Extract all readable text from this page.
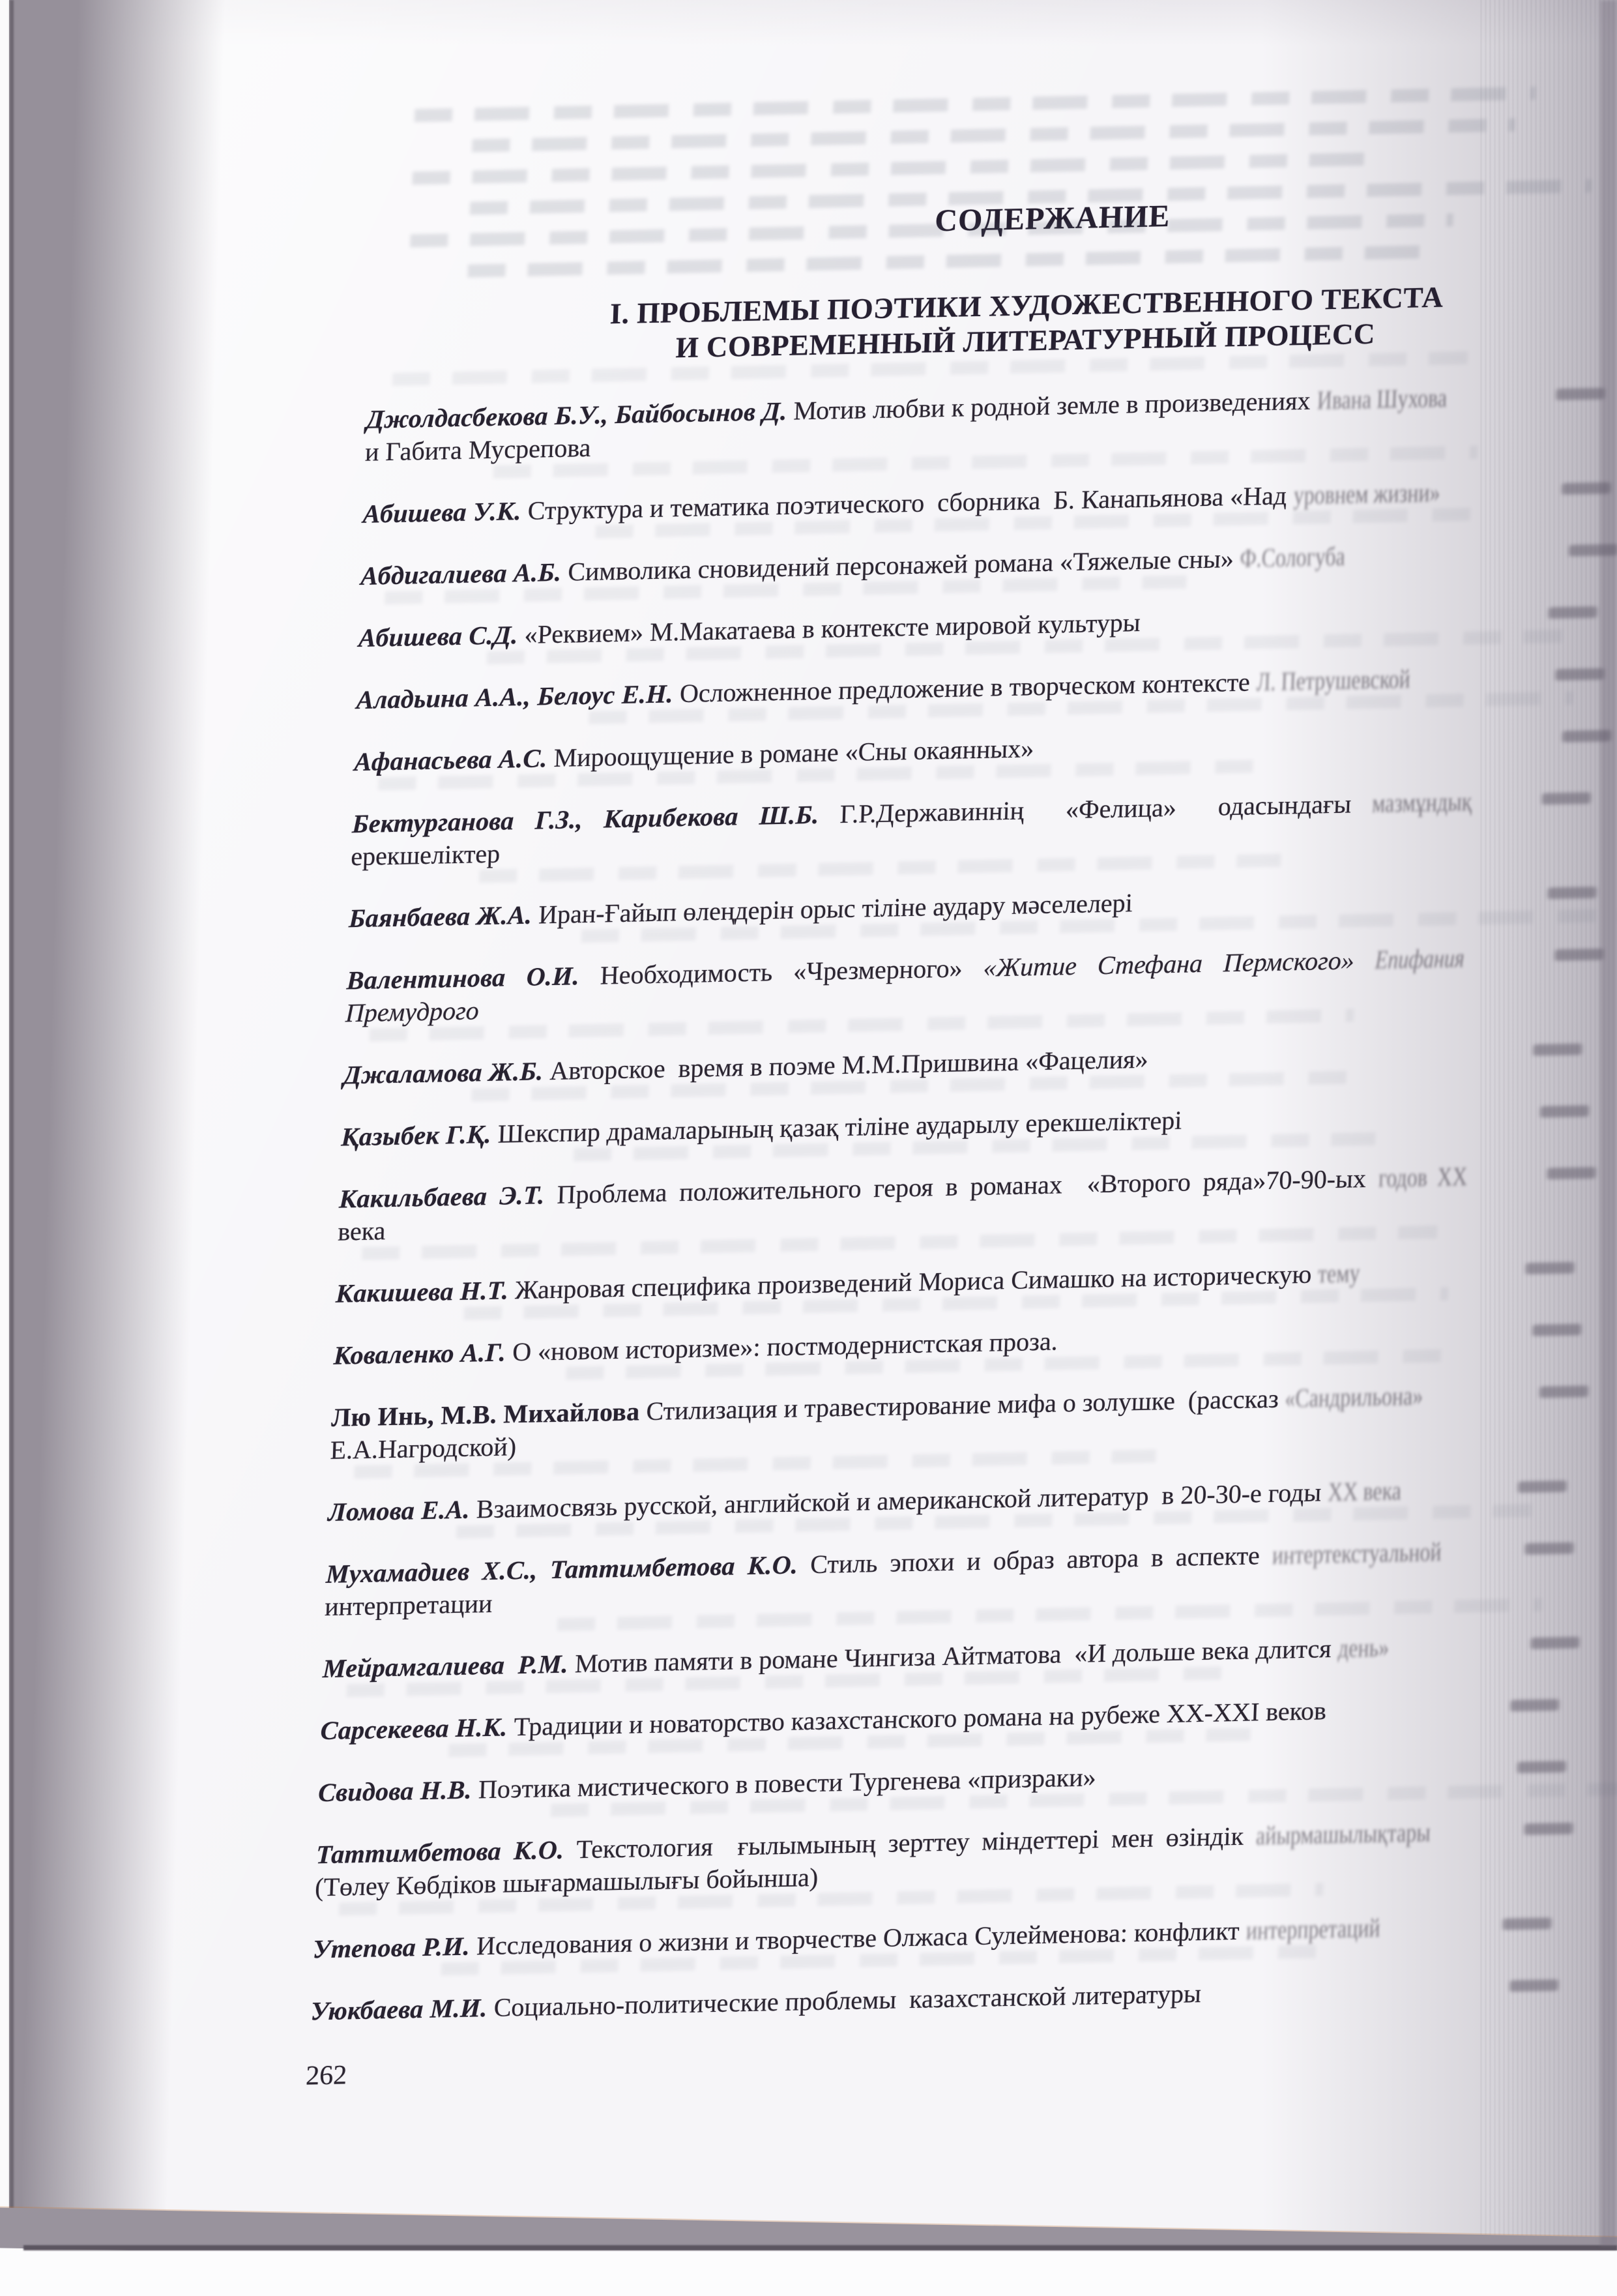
СОДЕРЖАНИЕ
I. ПРОБЛЕМЫ ПОЭТИКИ ХУДОЖЕСТВЕННОГО ТЕКСТА
И СОВРЕМЕННЫЙ ЛИТЕРАТУРНЫЙ ПРОЦЕСС
Джолдасбекова Б.У., Байбосынов Д. Мотив любви к родной земле в произведениях Ивана Шухова
и Габита Мусрепова
Абишева У.К. Структура и тематика поэтического  сборника  Б. Канапьянова «Над уровнем жизни»
Абдигалиева А.Б. Символика сновидений персонажей романа «Тяжелые сны» Ф.Сологуба
Абишева С.Д. «Реквием» М.Макатаева в контексте мировой культуры
Аладьина А.А., Белоус Е.Н. Осложненное предложение в творческом контексте Л. Петрушевской
Афанасьева А.С. Мироощущение в романе «Сны окаянных»
Бектурганова Г.З., Карибекова Ш.Б. Г.Р.Державиннің  «Фелица»  одасындағы мазмұндық
ерекшеліктер
Баянбаева Ж.А. Иран-Ғайып өлеңдерін орыс тіліне аудару мәселелері
Валентинова О.И. Необходимость «Чрезмерного» «Житие Стефана Пермского» Епифания
Премудрого
Джаламова Ж.Б. Авторское  время в поэме М.М.Пришвина «Фацелия»
Қазыбек Г.Қ. Шекспир драмаларының қазақ тіліне аударылу ерекшеліктері
Какильбаева Э.Т. Проблема положительного героя в романах  «Второго ряда»70-90-ых годов XX
века
Какишева Н.Т. Жанровая специфика произведений Мориса Симашко на историческую тему
Коваленко А.Г. О «новом историзме»: постмодернистская проза.
Лю Инь, М.В. Михайлова Стилизация и травестирование мифа о золушке  (рассказ «Сандрильона»
Е.А.Нагродской)
Ломова Е.А. Взаимосвязь русской, английской и американской литератур  в 20-30-е годы XX века
Мухамадиев Х.С., Таттимбетова К.О. Стиль эпохи и образ автора в аспекте интертекстуальной
интерпретации
Мейрамгалиева  Р.М. Мотив памяти в романе Чингиза Айтматова  «И дольше века длится день»
Сарсекеева Н.К. Традиции и новаторство казахстанского романа на рубеже XX-XXI веков
Свидова Н.В. Поэтика мистического в повести Тургенева «призраки»
Таттимбетова К.О. Текстология  ғылымының зерттеу міндеттері мен өзіндік айырмашылықтары
(Төлеу Көбдіков шығармашылығы бойынша)
Утепова Р.И. Исследования о жизни и творчестве Олжаса Сулейменова: конфликт интерпретаций
Уюкбаева М.И. Социально-политические проблемы  казахстанской литературы
262
